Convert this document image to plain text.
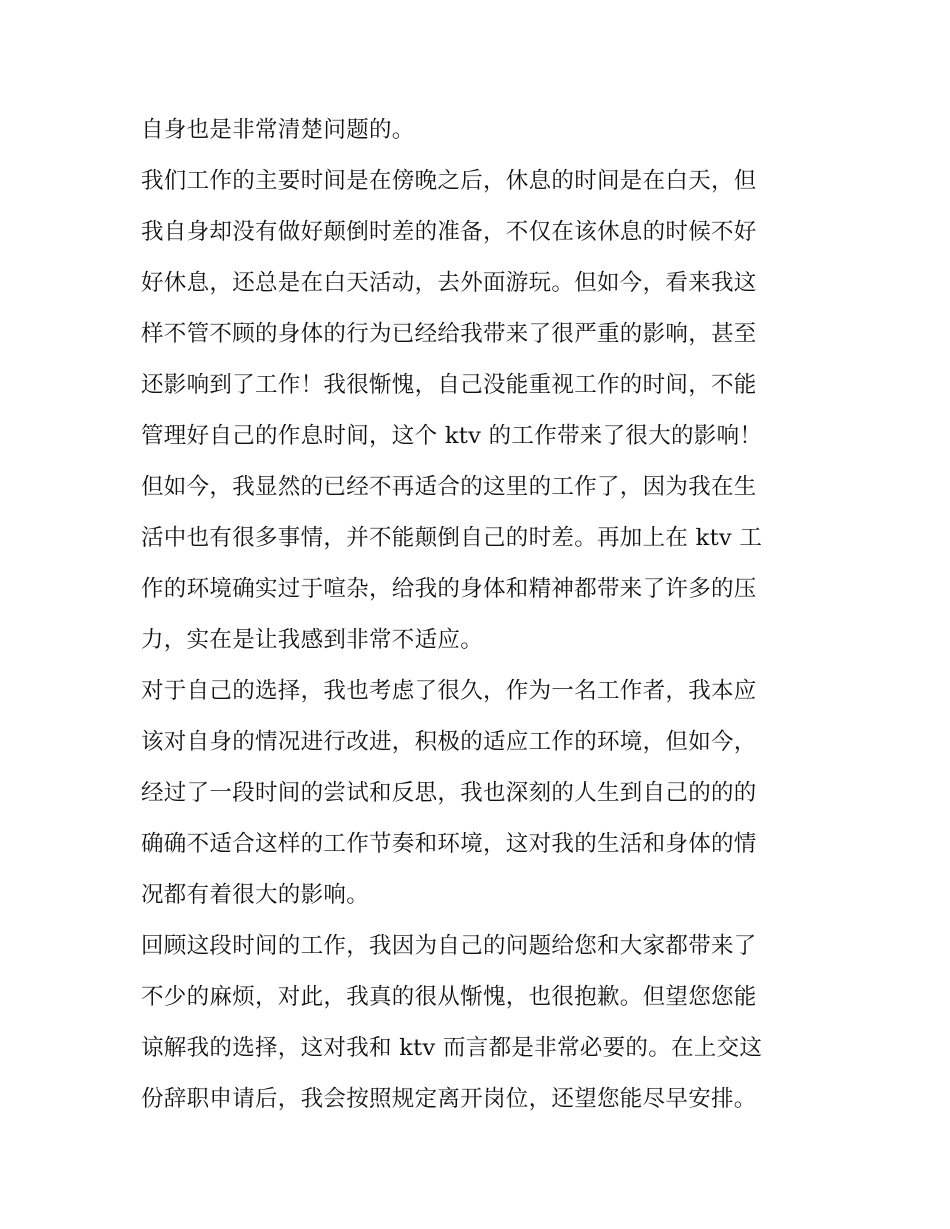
自身也是非常清楚问题的。
我们工作的主要时间是在傍晚之后，休息的时间是在白天，但
我自身却没有做好颠倒时差的准备，不仅在该休息的时候不好
好休息，还总是在白天活动，去外面游玩。但如今，看来我这
样不管不顾的身体的行为已经给我带来了很严重的影响，甚至
还影响到了工作！我很惭愧，自己没能重视工作的时间，不能
管理好自己的作息时间，这个 ktv 的工作带来了很大的影响！
但如今，我显然的已经不再适合的这里的工作了，因为我在生
活中也有很多事情，并不能颠倒自己的时差。再加上在 ktv 工
作的环境确实过于喧杂，给我的身体和精神都带来了许多的压
力，实在是让我感到非常不适应。
对于自己的选择，我也考虑了很久，作为一名工作者，我本应
该对自身的情况进行改进，积极的适应工作的环境，但如今，
经过了一段时间的尝试和反思，我也深刻的人生到自己的的的
确确不适合这样的工作节奏和环境，这对我的生活和身体的情
况都有着很大的影响。
回顾这段时间的工作，我因为自己的问题给您和大家都带来了
不少的麻烦，对此，我真的很从惭愧，也很抱歉。但望您您能
谅解我的选择，这对我和 ktv 而言都是非常必要的。在上交这
份辞职申请后，我会按照规定离开岗位，还望您能尽早安排。
